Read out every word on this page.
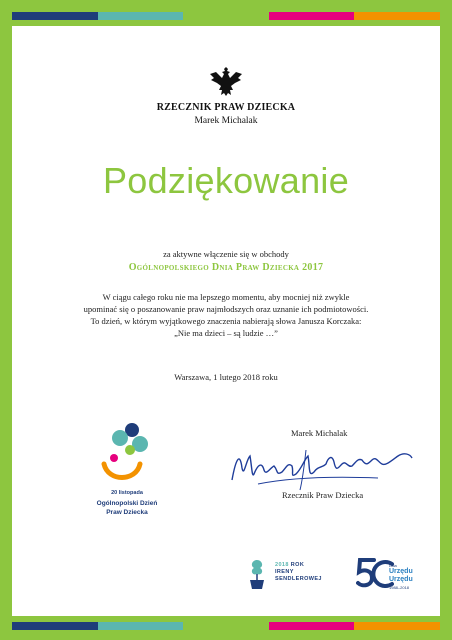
RZECZNIK PRAW DZIECKA
Marek Michalak
Podziękowanie
za aktywne włączenie się w obchody
Ogólnopolskiego Dnia Praw Dziecka 2017
W ciągu całego roku nie ma lepszego momentu, aby mocniej niż zwykle
upominać się o poszanowanie praw najmłodszych oraz uznanie ich podmiotowości.
To dzień, w którym wyjątkowego znaczenia nabierają słowa Janusza Korczaka:
„Nie ma dzieci – są ludzie …”
Warszawa, 1 lutego 2018 roku
Marek Michalak
Rzecznik Praw Dziecka
20 listopada
Ogólnopolski Dzień
Praw Dziecka
2018 ROK
IRENY
SENDLEROWEJ
Lata
Urzędu
Urzędu
1988–2018
